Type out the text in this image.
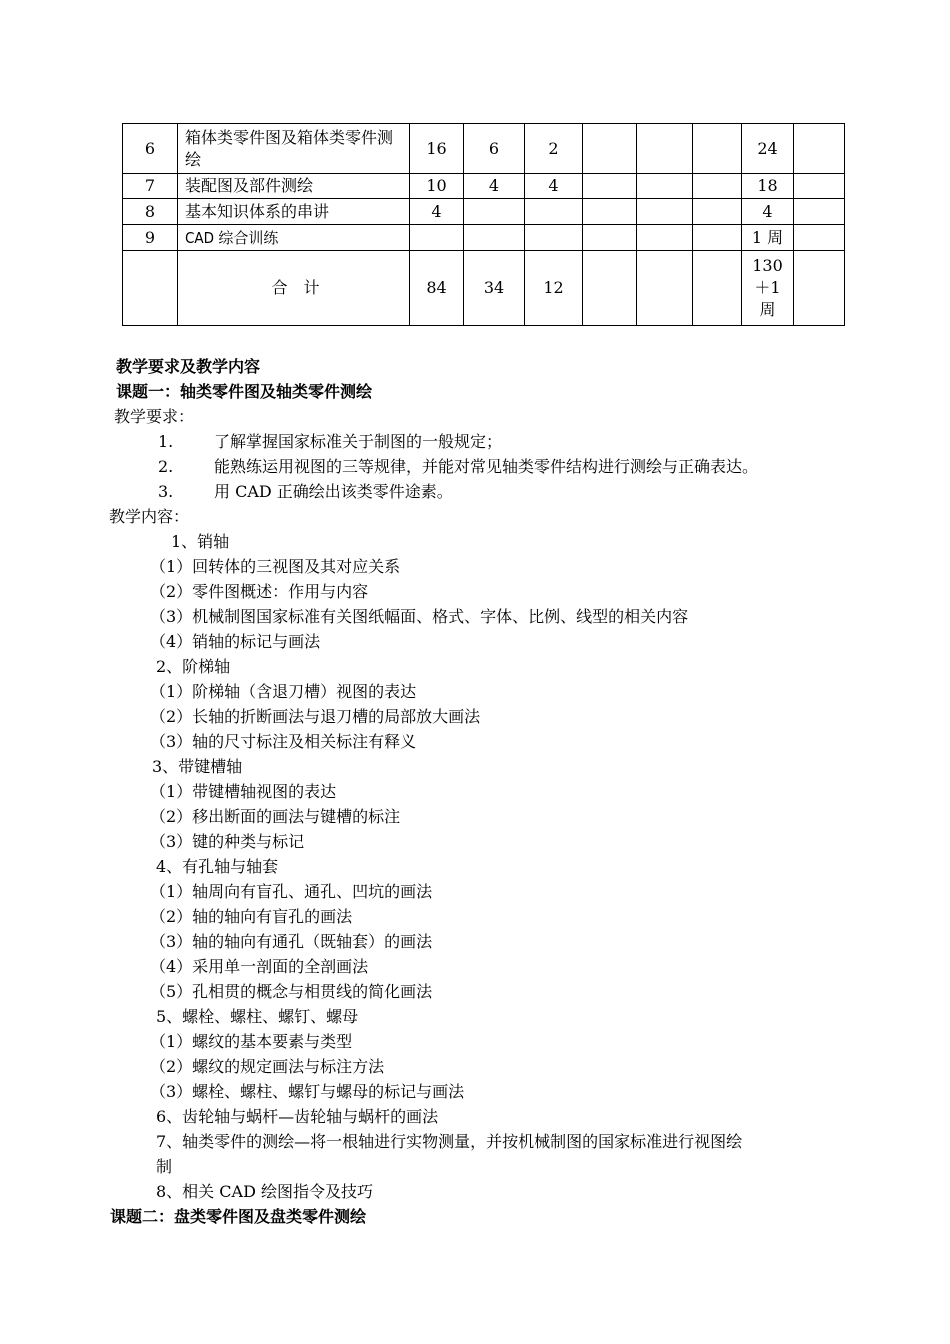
6	箱体类零件图及箱体类零件测绘	16	6	2				24	
7	装配图及部件测绘	10	4	4				18	
8	基本知识体系的串讲	4						4	
9	CAD 综合训练							1 周	
	合　计	84	34	12				130
＋1
周	

教学要求及教学内容
课题一：轴类零件图及轴类零件测绘
教学要求：
1.	了解掌握国家标准关于制图的一般规定；
2.	能熟练运用视图的三等规律，并能对常见轴类零件结构进行测绘与正确表达。
3.	用 CAD 正确绘出该类零件途素。
教学内容：
1、销轴
（1）回转体的三视图及其对应关系
（2）零件图概述：作用与内容
（3）机械制图国家标准有关图纸幅面、格式、字体、比例、线型的相关内容
（4）销轴的标记与画法
2、阶梯轴
（1）阶梯轴（含退刀槽）视图的表达
（2）长轴的折断画法与退刀槽的局部放大画法
（3）轴的尺寸标注及相关标注有释义
3、带键槽轴
（1）带键槽轴视图的表达
（2）移出断面的画法与键槽的标注
（3）键的种类与标记
4、有孔轴与轴套
（1）轴周向有盲孔、通孔、凹坑的画法
（2）轴的轴向有盲孔的画法
（3）轴的轴向有通孔（既轴套）的画法
（4）采用单一剖面的全剖画法
（5）孔相贯的概念与相贯线的简化画法
5、螺栓、螺柱、螺钉、螺母
（1）螺纹的基本要素与类型
（2）螺纹的规定画法与标注方法
（3）螺栓、螺柱、螺钉与螺母的标记与画法
6、齿轮轴与蜗杆—齿轮轴与蜗杆的画法
7、轴类零件的测绘—将一根轴进行实物测量，并按机械制图的国家标准进行视图绘
制
8、相关 CAD 绘图指令及技巧
课题二：盘类零件图及盘类零件测绘
